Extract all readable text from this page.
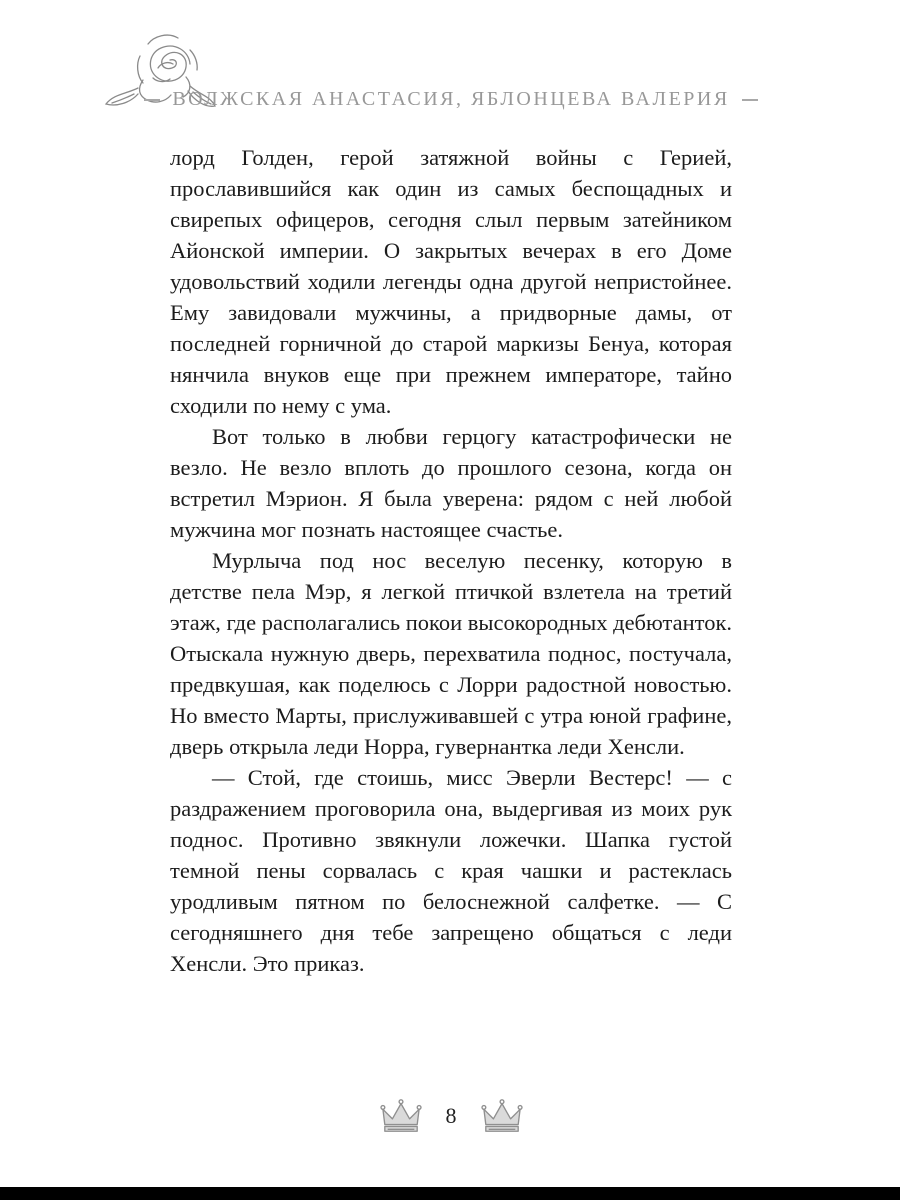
ВОЛЖСКАЯ АНАСТАСИЯ, ЯБЛОНЦЕВА ВАЛЕРИЯ

лорд Голден, герой затяжной войны с Герией, прославившийся как один из самых беспощадных и свирепых офицеров, сегодня слыл первым затейником Айонской империи. О закрытых вечерах в его Доме удовольствий ходили легенды одна другой непристойнее. Ему завидовали мужчины, а придворные дамы, от последней горничной до старой маркизы Бенуа, которая нянчила внуков еще при прежнем императоре, тайно сходили по нему с ума.

Вот только в любви герцогу катастрофически не везло. Не везло вплоть до прошлого сезона, когда он встретил Мэрион. Я была уверена: рядом с ней любой мужчина мог познать настоящее счастье.

Мурлыча под нос веселую песенку, которую в детстве пела Мэр, я легкой птичкой взлетела на третий этаж, где располагались покои высокородных дебютанток. Отыскала нужную дверь, перехватила поднос, постучала, предвкушая, как поделюсь с Лорри радостной новостью. Но вместо Марты, прислуживавшей с утра юной графине, дверь открыла леди Норра, гувернантка леди Хенсли.

— Стой, где стоишь, мисс Эверли Вестерс! — с раздражением проговорила она, выдергивая из моих рук поднос. Противно звякнули ложечки. Шапка густой темной пены сорвалась с края чашки и растеклась уродливым пятном по белоснежной салфетке. — С сегодняшнего дня тебе запрещено общаться с леди Хенсли. Это приказ.

8
